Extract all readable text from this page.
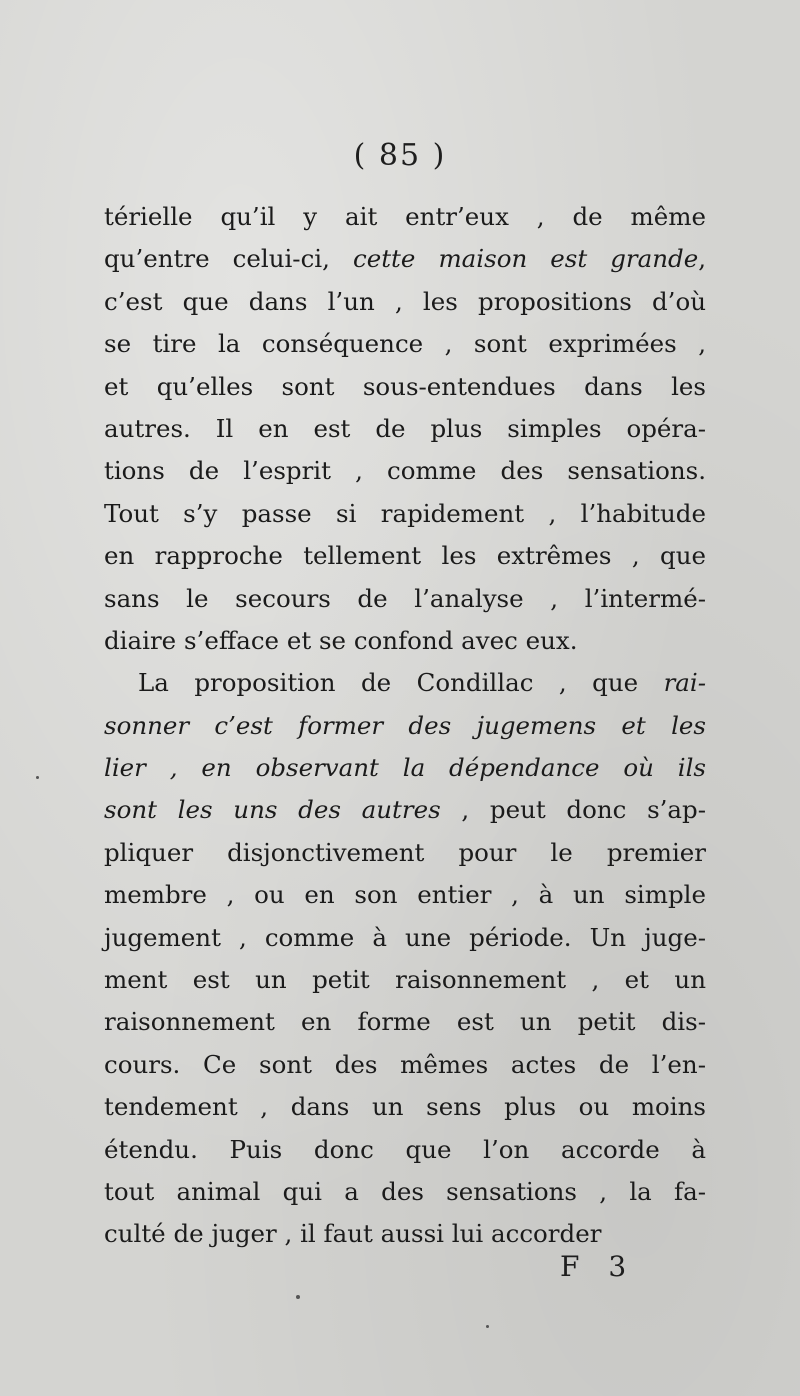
( 85 )
térielle qu’il y ait entr’eux , de même
qu’entre celui-ci, cette maison est grande,
c’est que dans l’un , les propositions d’où
se tire la conséquence , sont exprimées ,
et qu’elles sont sous-entendues dans les
autres. Il en est de plus simples opéra-
tions de l’esprit , comme des sensations.
Tout s’y passe si rapidement , l’habitude
en rapproche tellement les extrêmes , que
sans le secours de l’analyse , l’intermé-
diaire s’efface et se confond avec eux.
La proposition de Condillac , que rai-
sonner c’est former des jugemens et les
lier , en observant la dépendance où ils
sont les uns des autres , peut donc s’ap-
pliquer disjonctivement pour le premier
membre , ou en son entier , à un simple
jugement , comme à une période. Un juge-
ment est un petit raisonnement , et un
raisonnement en forme est un petit dis-
cours. Ce sont des mêmes actes de l’en-
tendement , dans un sens plus ou moins
étendu. Puis donc que l’on accorde à
tout animal qui a des sensations , la fa-
culté de juger , il faut aussi lui accorder
F 3
